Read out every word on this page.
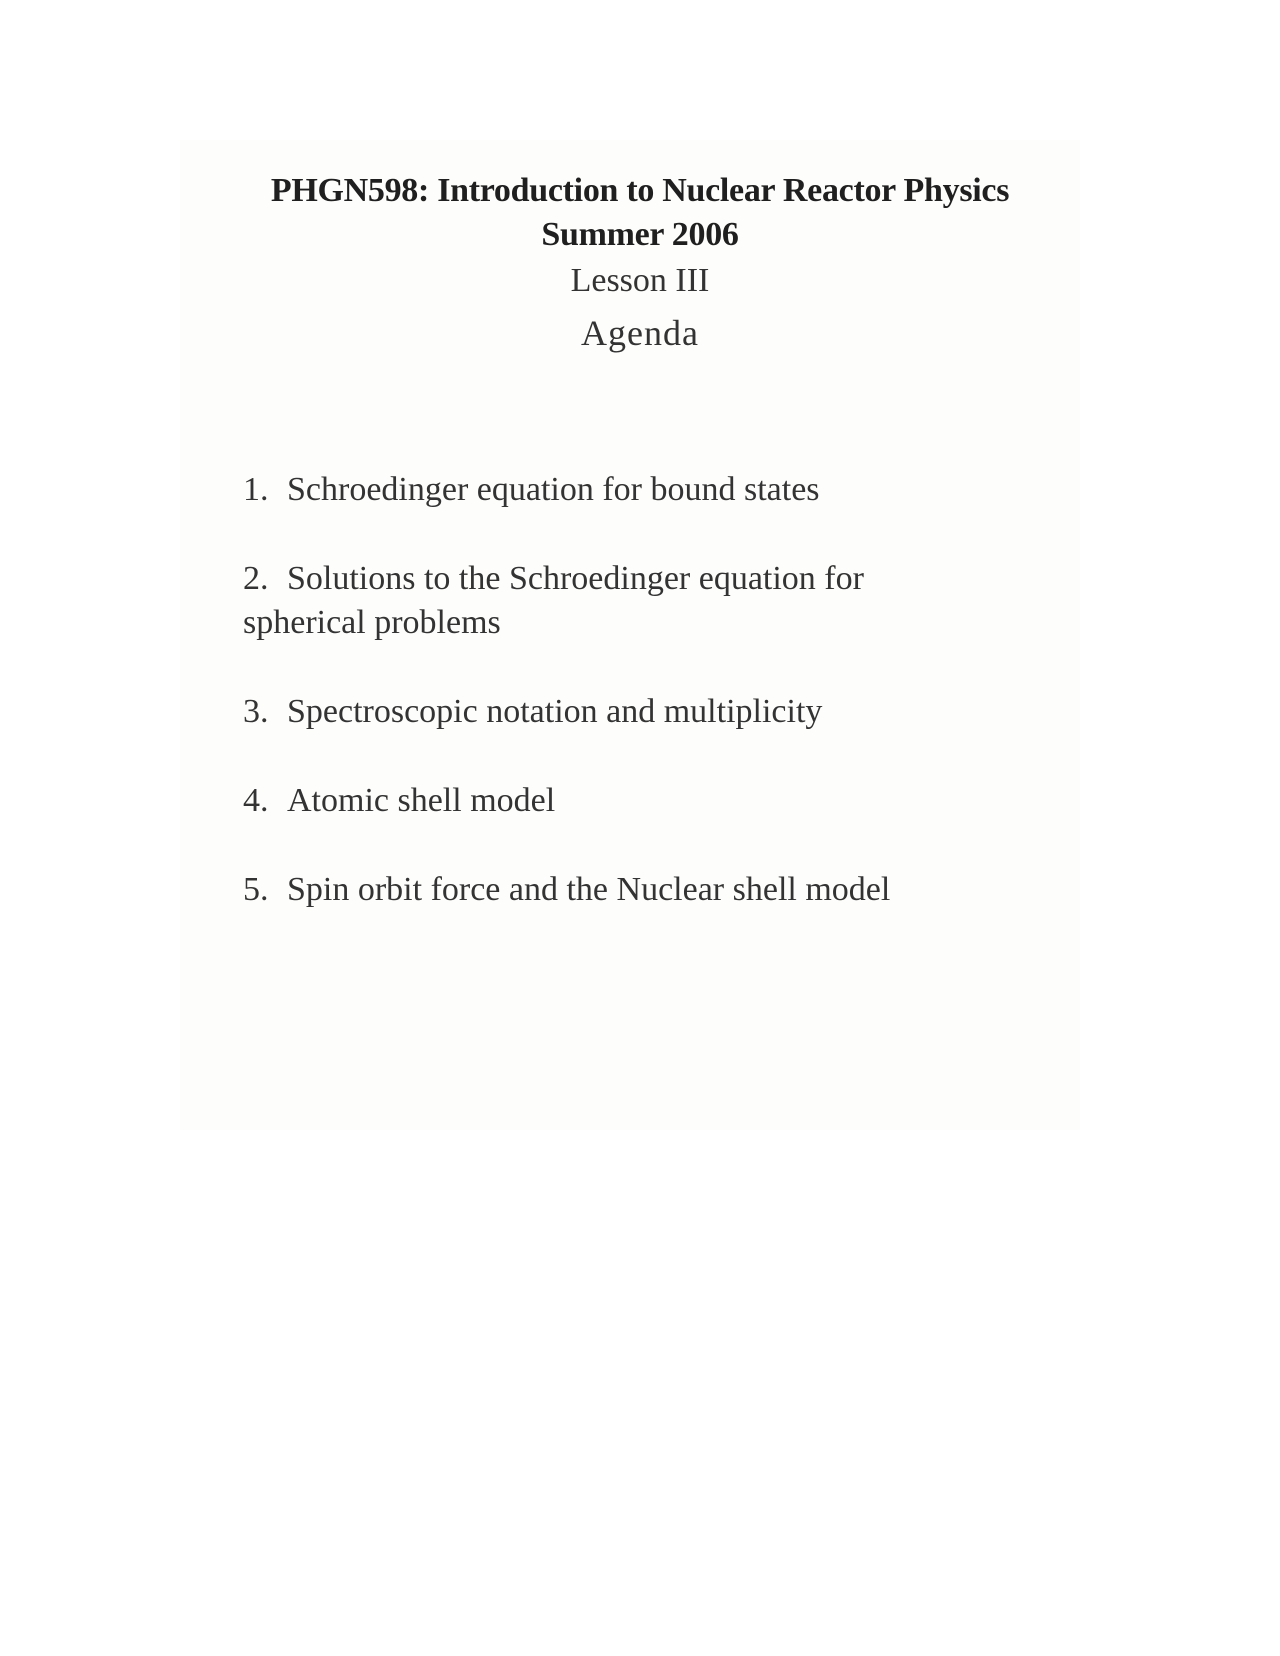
PHGN598: Introduction to Nuclear Reactor Physics
Summer 2006
Lesson III
Agenda
1. Schroedinger equation for bound states
2. Solutions to the Schroedinger equation for
spherical problems
3. Spectroscopic notation and multiplicity
4. Atomic shell model
5. Spin orbit force and the Nuclear shell model
